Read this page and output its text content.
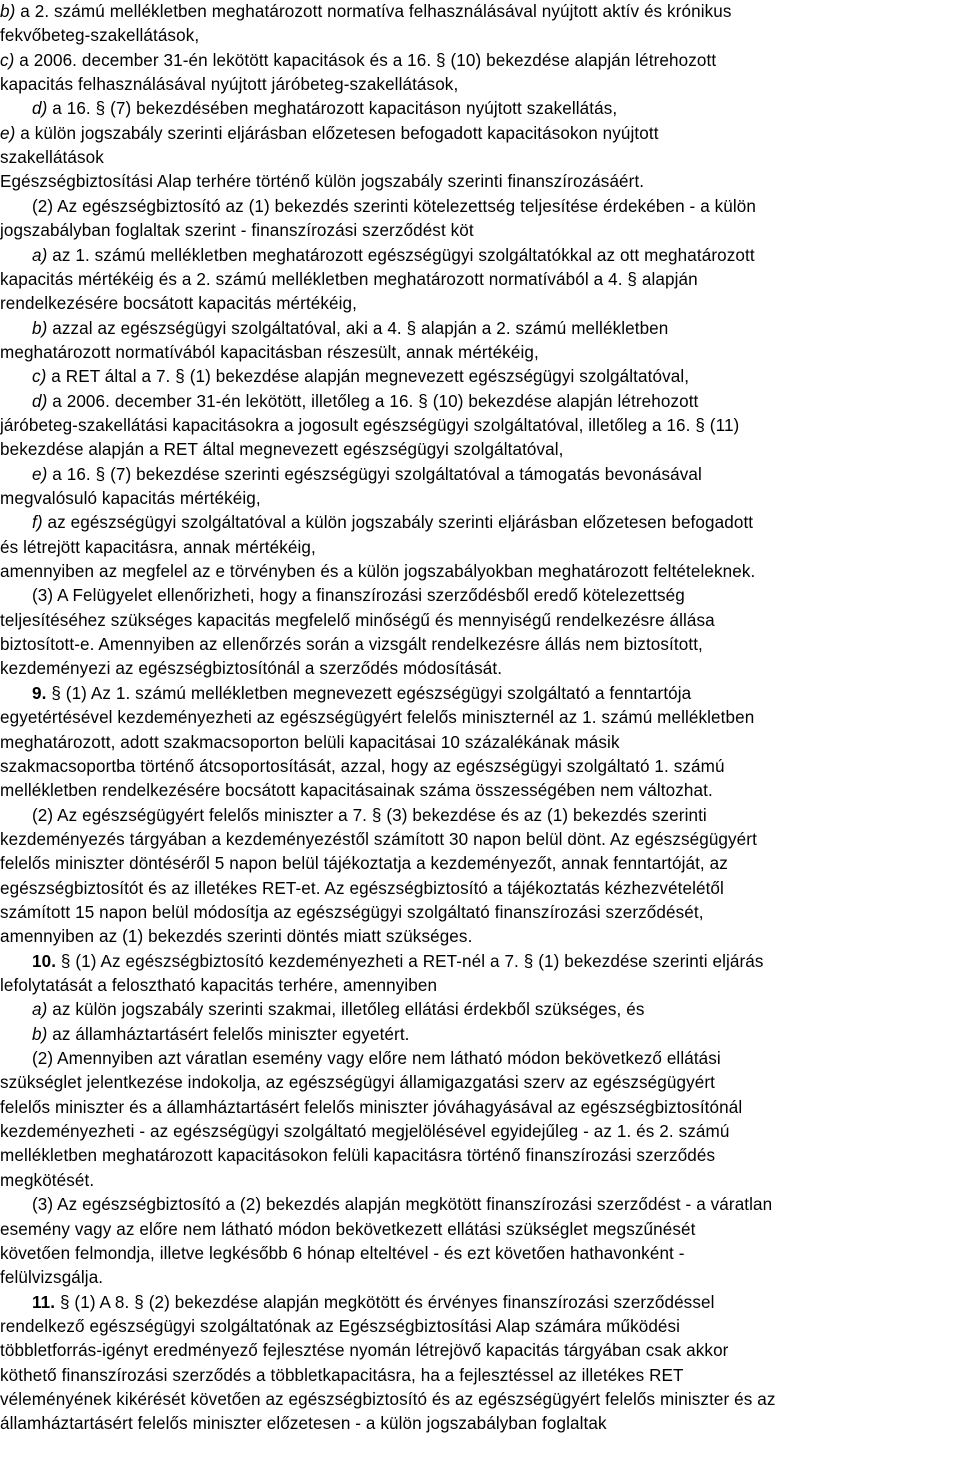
b) a 2. számú mellékletben meghatározott normatíva felhasználásával nyújtott aktív és krónikus
fekvőbeteg-szakellátások,
c) a 2006. december 31-én lekötött kapacitások és a 16. § (10) bekezdése alapján létrehozott
kapacitás felhasználásával nyújtott járóbeteg-szakellátások,
d) a 16. § (7) bekezdésében meghatározott kapacitáson nyújtott szakellátás,
e) a külön jogszabály szerinti eljárásban előzetesen befogadott kapacitásokon nyújtott
szakellátások
Egészségbiztosítási Alap terhére történő külön jogszabály szerinti finanszírozásáért.
(2) Az egészségbiztosító az (1) bekezdés szerinti kötelezettség teljesítése érdekében - a külön
jogszabályban foglaltak szerint - finanszírozási szerződést köt
a) az 1. számú mellékletben meghatározott egészségügyi szolgáltatókkal az ott meghatározott
kapacitás mértékéig és a 2. számú mellékletben meghatározott normatívából a 4. § alapján
rendelkezésére bocsátott kapacitás mértékéig,
b) azzal az egészségügyi szolgáltatóval, aki a 4. § alapján a 2. számú mellékletben
meghatározott normatívából kapacitásban részesült, annak mértékéig,
c) a RET által a 7. § (1) bekezdése alapján megnevezett egészségügyi szolgáltatóval,
d) a 2006. december 31-én lekötött, illetőleg a 16. § (10) bekezdése alapján létrehozott
járóbeteg-szakellátási kapacitásokra a jogosult egészségügyi szolgáltatóval, illetőleg a 16. § (11)
bekezdése alapján a RET által megnevezett egészségügyi szolgáltatóval,
e) a 16. § (7) bekezdése szerinti egészségügyi szolgáltatóval a támogatás bevonásával
megvalósuló kapacitás mértékéig,
f) az egészségügyi szolgáltatóval a külön jogszabály szerinti eljárásban előzetesen befogadott
és létrejött kapacitásra, annak mértékéig,
amennyiben az megfelel az e törvényben és a külön jogszabályokban meghatározott feltételeknek.
(3) A Felügyelet ellenőrizheti, hogy a finanszírozási szerződésből eredő kötelezettség
teljesítéséhez szükséges kapacitás megfelelő minőségű és mennyiségű rendelkezésre állása
biztosított-e. Amennyiben az ellenőrzés során a vizsgált rendelkezésre állás nem biztosított,
kezdeményezi az egészségbiztosítónál a szerződés módosítását.
9. § (1) Az 1. számú mellékletben megnevezett egészségügyi szolgáltató a fenntartója
egyetértésével kezdeményezheti az egészségügyért felelős miniszternél az 1. számú mellékletben
meghatározott, adott szakmacsoporton belüli kapacitásai 10 százalékának másik
szakmacsoportba történő átcsoportosítását, azzal, hogy az egészségügyi szolgáltató 1. számú
mellékletben rendelkezésére bocsátott kapacitásainak száma összességében nem változhat.
(2) Az egészségügyért felelős miniszter a 7. § (3) bekezdése és az (1) bekezdés szerinti
kezdeményezés tárgyában a kezdeményezéstől számított 30 napon belül dönt. Az egészségügyért
felelős miniszter döntéséről 5 napon belül tájékoztatja a kezdeményezőt, annak fenntartóját, az
egészségbiztosítót és az illetékes RET-et. Az egészségbiztosító a tájékoztatás kézhezvételétől
számított 15 napon belül módosítja az egészségügyi szolgáltató finanszírozási szerződését,
amennyiben az (1) bekezdés szerinti döntés miatt szükséges.
10. § (1) Az egészségbiztosító kezdeményezheti a RET-nél a 7. § (1) bekezdése szerinti eljárás
lefolytatását a felosztható kapacitás terhére, amennyiben
a) az külön jogszabály szerinti szakmai, illetőleg ellátási érdekből szükséges, és
b) az államháztartásért felelős miniszter egyetért.
(2) Amennyiben azt váratlan esemény vagy előre nem látható módon bekövetkező ellátási
szükséglet jelentkezése indokolja, az egészségügyi államigazgatási szerv az egészségügyért
felelős miniszter és a államháztartásért felelős miniszter jóváhagyásával az egészségbiztosítónál
kezdeményezheti - az egészségügyi szolgáltató megjelölésével egyidejűleg - az 1. és 2. számú
mellékletben meghatározott kapacitásokon felüli kapacitásra történő finanszírozási szerződés
megkötését.
(3) Az egészségbiztosító a (2) bekezdés alapján megkötött finanszírozási szerződést - a váratlan
esemény vagy az előre nem látható módon bekövetkezett ellátási szükséglet megszűnését
követően felmondja, illetve legkésőbb 6 hónap elteltével - és ezt követően hathavonként -
felülvizsgálja.
11. § (1) A 8. § (2) bekezdése alapján megkötött és érvényes finanszírozási szerződéssel
rendelkező egészségügyi szolgáltatónak az Egészségbiztosítási Alap számára működési
többletforrás-igényt eredményező fejlesztése nyomán létrejövő kapacitás tárgyában csak akkor
köthető finanszírozási szerződés a többletkapacitásra, ha a fejlesztéssel az illetékes RET
véleményének kikérését követően az egészségbiztosító és az egészségügyért felelős miniszter és az
államháztartásért felelős miniszter előzetesen - a külön jogszabályban foglaltak
